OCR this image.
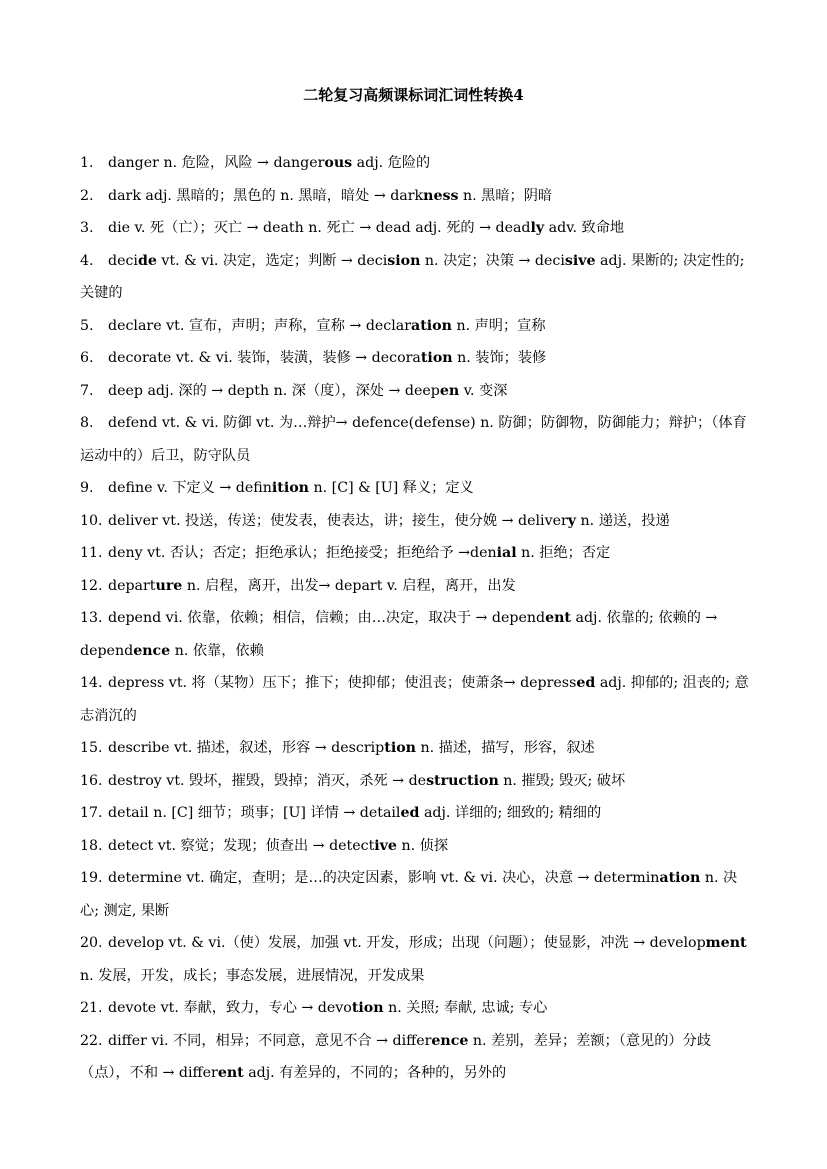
二轮复习高频课标词汇词性转换4

1. danger n. 危险，风险 → dangerous adj. 危险的

2. dark adj. 黑暗的；黑色的 n. 黑暗，暗处 → darkness n. 黑暗；阴暗

3. die v. 死（亡）；灭亡 → death n. 死亡 → dead adj. 死的 → deadly adv. 致命地

4. decide vt. & vi. 决定，选定；判断 → decision n. 决定；决策 → decisive adj. 果断的; 决定性的; 关键的

5. declare vt. 宣布，声明；声称，宣称 → declaration n. 声明；宣称

6. decorate vt. & vi. 装饰，装潢，装修 → decoration n. 装饰；装修

7. deep adj. 深的 → depth n. 深（度），深处 → deepen v. 变深

8. defend vt. & vi. 防御 vt. 为…辩护→ defence(defense) n. 防御；防御物，防御能力；辩护；（体育运动中的）后卫，防守队员

9. define v. 下定义 → definition n. [C] & [U] 释义；定义

10. deliver vt. 投送，传送；使发表，使表达，讲；接生，使分娩 → delivery n. 递送，投递

11. deny vt. 否认；否定；拒绝承认；拒绝接受；拒绝给予 →denial n. 拒绝；否定

12. departure n. 启程，离开，出发→ depart v. 启程，离开，出发

13. depend vi. 依靠，依赖；相信，信赖；由…决定，取决于 → dependent adj. 依靠的; 依赖的 → dependence n. 依靠，依赖

14. depress vt. 将（某物）压下；推下；使抑郁；使沮丧；使萧条→ depressed adj. 抑郁的; 沮丧的; 意志消沉的

15. describe vt. 描述，叙述，形容 → description n. 描述，描写，形容，叙述

16. destroy vt. 毁坏，摧毁，毁掉；消灭，杀死 → destruction n. 摧毁; 毁灭; 破坏

17. detail n. [C] 细节；琐事；[U] 详情 → detailed adj. 详细的; 细致的; 精细的

18. detect vt. 察觉；发现；侦查出 → detective n. 侦探

19. determine vt. 确定，查明；是…的决定因素，影响 vt. & vi. 决心，决意 → determination n. 决心; 测定, 果断

20. develop vt. & vi.（使）发展，加强 vt. 开发，形成；出现（问题）；使显影，冲洗 → development n. 发展，开发，成长；事态发展，进展情况，开发成果

21. devote vt. 奉献，致力，专心 → devotion n. 关照; 奉献, 忠诚; 专心

22. differ vi. 不同，相异；不同意，意见不合 → difference n. 差别，差异；差额；（意见的）分歧（点），不和 → different adj. 有差异的，不同的；各种的，另外的
